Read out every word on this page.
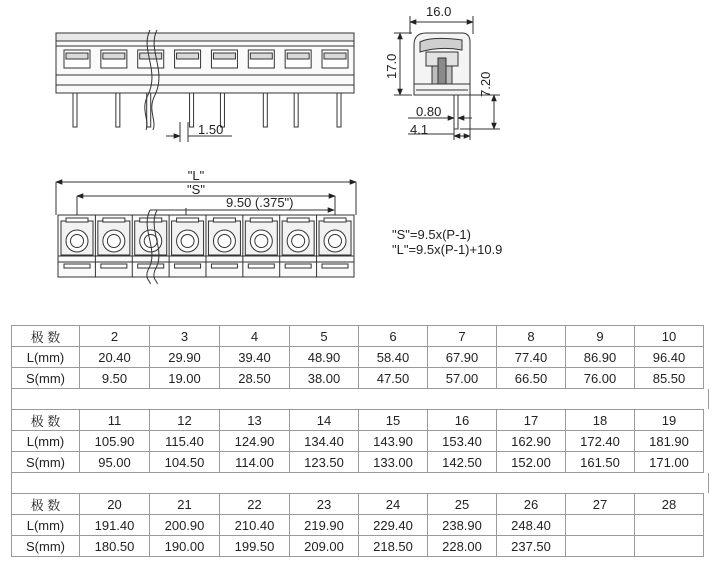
1.50
16.0
17.0
7.20
0.80
4.1
"L"
"S"
9.50 (.375")
"S"=9.5x(P-1)
"L"=9.5x(P-1)+10.9
极 数	2	3	4	5	6	7	8	9	10
L(mm)	20.40	29.90	39.40	48.90	58.40	67.90	77.40	86.90	96.40
S(mm)	9.50	19.00	28.50	38.00	47.50	57.00	66.50	76.00	85.50
极 数	11	12	13	14	15	16	17	18	19
L(mm)	105.90	115.40	124.90	134.40	143.90	153.40	162.90	172.40	181.90
S(mm)	95.00	104.50	114.00	123.50	133.00	142.50	152.00	161.50	171.00
极 数	20	21	22	23	24	25	26	27	28
L(mm)	191.40	200.90	210.40	219.90	229.40	238.90	248.40		
S(mm)	180.50	190.00	199.50	209.00	218.50	228.00	237.50		
